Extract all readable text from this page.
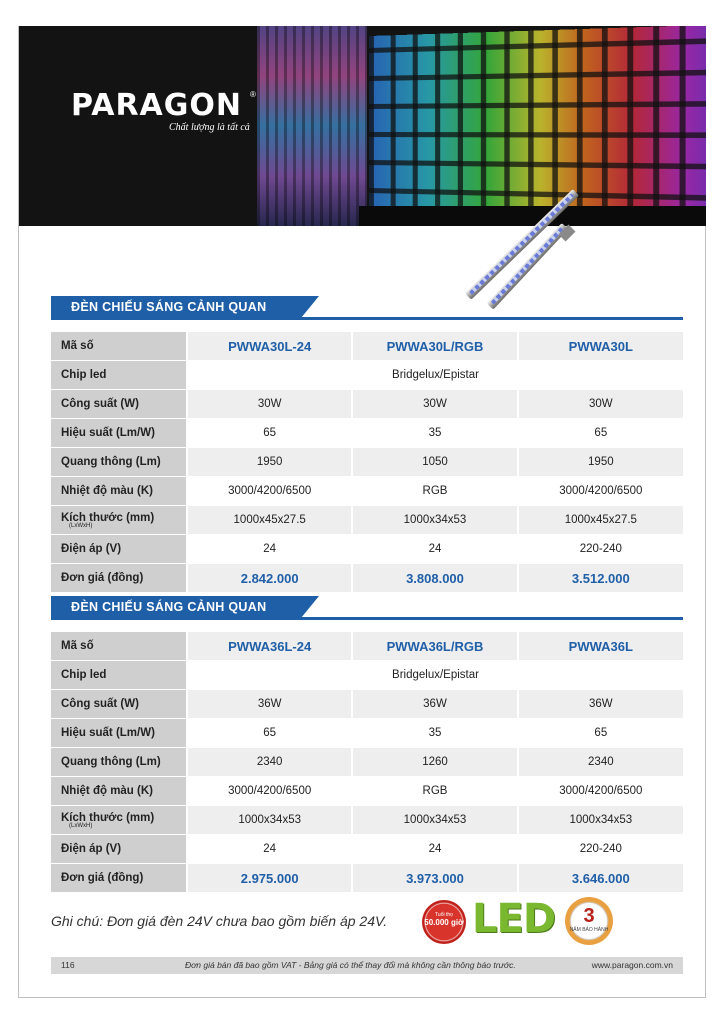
PARAGON ®
Chất lượng là tất cả
ĐÈN CHIẾU SÁNG CẢNH QUAN
Mã số	PWWA30L-24	PWWA30L/RGB	PWWA30L
Chip led	Bridgelux/Epistar		
Công suất (W)	30W	30W	30W
Hiệu suất (Lm/W)	65	35	65
Quang thông (Lm)	1950	1050	1950
Nhiệt độ màu (K)	3000/4200/6500	RGB	3000/4200/6500
Kích thước (mm)
(LxWxH)	1000x45x27.5	1000x34x53	1000x45x27.5
Điện áp (V)	24	24	220-240
Đơn giá (đồng)	2.842.000	3.808.000	3.512.000
ĐÈN CHIẾU SÁNG CẢNH QUAN
Mã số	PWWA36L-24	PWWA36L/RGB	PWWA36L
Chip led	Bridgelux/Epistar		
Công suất (W)	36W	36W	36W
Hiệu suất (Lm/W)	65	35	65
Quang thông (Lm)	2340	1260	2340
Nhiệt độ màu (K)	3000/4200/6500	RGB	3000/4200/6500
Kích thước (mm)
(LxWxH)	1000x34x53	1000x34x53	1000x34x53
Điện áp (V)	24	24	220-240
Đơn giá (đồng)	2.975.000	3.973.000	3.646.000
Ghi chú: Đơn giá đèn 24V chưa bao gồm biến áp 24V.	Tuổi thọ
50.000 giờ LED	3
NĂM BẢO HÀNH
116	Đơn giá bán đã bao gồm VAT - Bảng giá có thể thay đổi mà không cần thông báo trước.	www.paragon.com.vn
